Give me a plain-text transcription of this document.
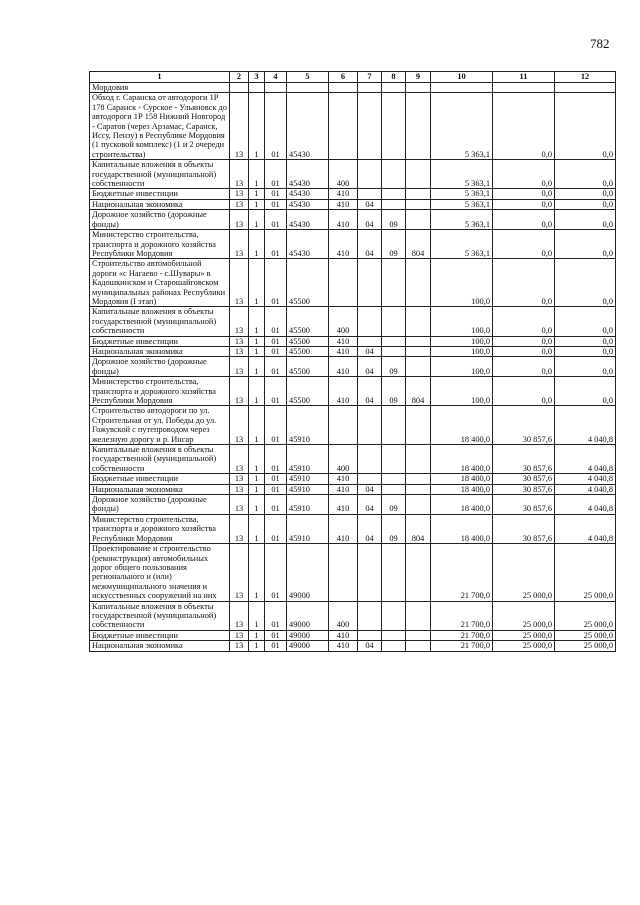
782
1	2	3	4	5	6	7	8	9	10	11	12
Мордовия											
Обход г. Саранска от автодороги 1Р 178 Саранск - Сурское - Ульяновск до автодороги 1Р 158 Нижний Новгород - Саратов (через Арзамас, Саранск, Иссу, Пензу) в Республике Мордовия (1 пусковой комплекс) (1 и 2 очереди строительства)	13	1	01	45430					5 363,1	0,0	0,0
Капитальные вложения в объекты государственной (муниципальной) собственности	13	1	01	45430	400				5 363,1	0,0	0,0
Бюджетные инвестиции	13	1	01	45430	410				5 363,1	0,0	0,0
Национальная экономика	13	1	01	45430	410	04			5 363,1	0,0	0,0
Дорожное хозяйство (дорожные фонды)	13	1	01	45430	410	04	09		5 363,1	0,0	0,0
Министерство строительства, транспорта и дорожного хозяйства Республики Мордовия	13	1	01	45430	410	04	09	804	5 363,1	0,0	0,0
Строительство автомобильной дороги «с Нагаево - с.Шувары» в Кадошкинском и Старошайговском муниципальных районах Республики Мордовия (I этап)	13	1	01	45500					100,0	0,0	0,0
Капитальные вложения в объекты государственной (муниципальной) собственности	13	1	01	45500	400				100,0	0,0	0,0
Бюджетные инвестиции	13	1	01	45500	410				100,0	0,0	0,0
Национальная экономика	13	1	01	45500	410	04			100,0	0,0	0,0
Дорожное хозяйство (дорожные фонды)	13	1	01	45500	410	04	09		100,0	0,0	0,0
Министерство строительства, транспорта и дорожного хозяйства Республики Мордовия	13	1	01	45500	410	04	09	804	100,0	0,0	0,0
Строительство автодороги по ул. Строительная от ул. Победы до ул. Гожувской с путепроводом через железную дорогу и р. Инсар	13	1	01	45910					18 400,0	30 857,6	4 040,8
Капитальные вложения в объекты государственной (муниципальной) собственности	13	1	01	45910	400				18 400,0	30 857,6	4 040,8
Бюджетные инвестиции	13	1	01	45910	410				18 400,0	30 857,6	4 040,8
Национальная экономика	13	1	01	45910	410	04			18 400,0	30 857,6	4 040,8
Дорожное хозяйство (дорожные фонды)	13	1	01	45910	410	04	09		18 400,0	30 857,6	4 040,8
Министерство строительства, транспорта и дорожного хозяйства Республики Мордовия	13	1	01	45910	410	04	09	804	18 400,0	30 857,6	4 040,8
Проектирование и строительство (реконструкция) автомобильных дорог общего пользования регионального и (или) межмуниципального значения и искусственных сооружений на них	13	1	01	49000					21 700,0	25 000,0	25 000,0
Капитальные вложения в объекты государственной (муниципальной) собственности	13	1	01	49000	400				21 700,0	25 000,0	25 000,0
Бюджетные инвестиции	13	1	01	49000	410				21 700,0	25 000,0	25 000,0
Национальная экономика	13	1	01	49000	410	04			21 700,0	25 000,0	25 000,0
